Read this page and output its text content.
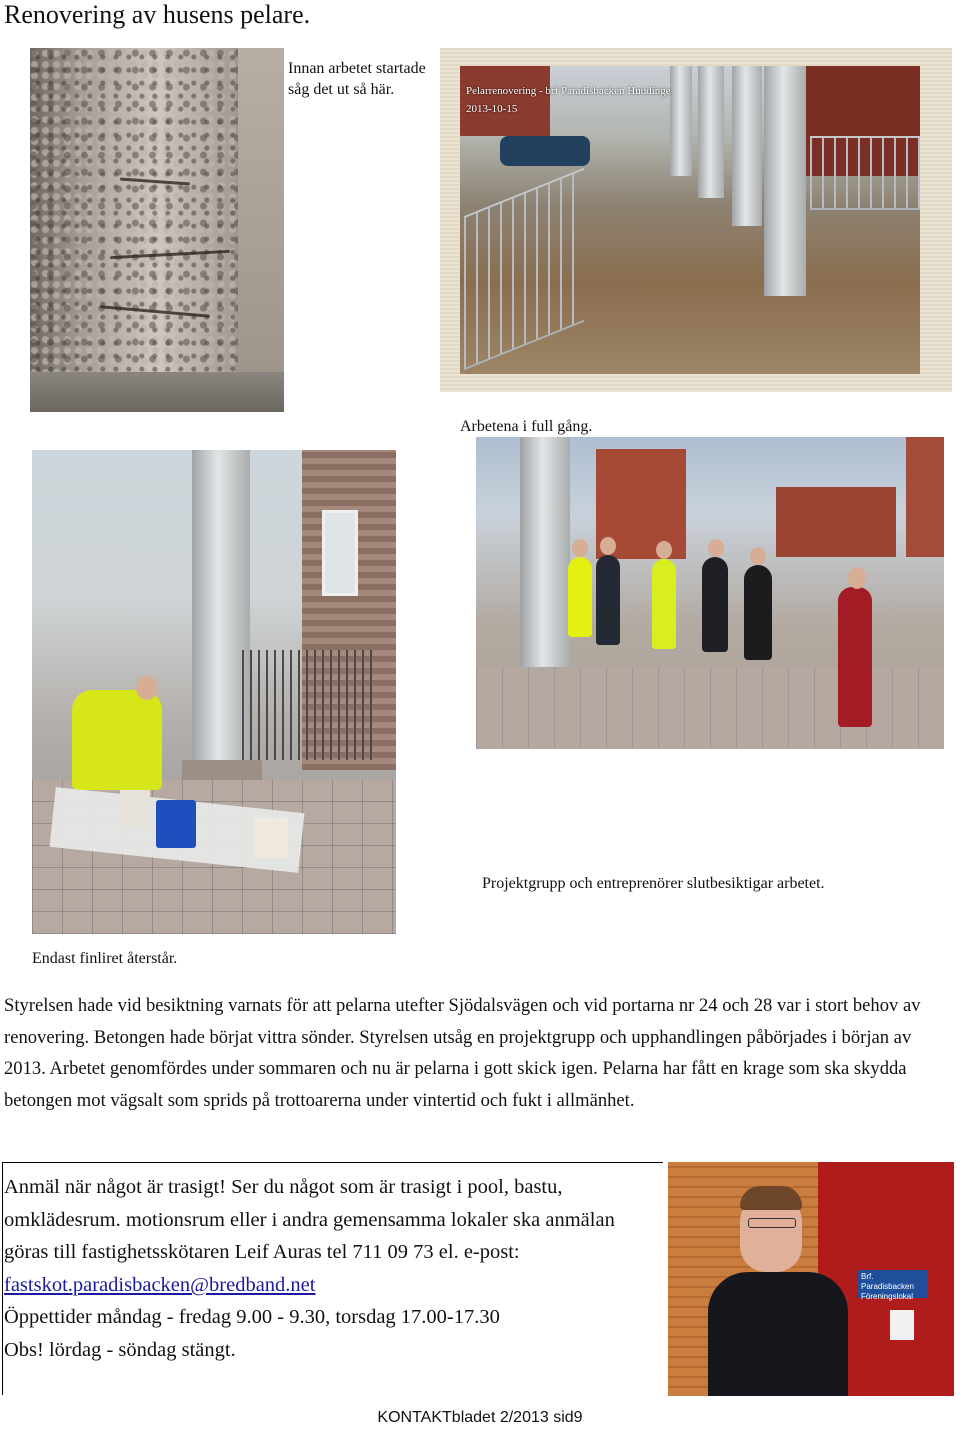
Renovering av husens pelare.
Innan arbetet startade såg det ut så här.	Pelarrenovering - brf Paradisbacken Huddinge
2013-10-15
Arbetena i full gång.
Projektgrupp och entreprenörer slutbesiktigar arbetet.
Endast finliret återstår.
Styrelsen hade vid besiktning varnats för att pelarna utefter Sjödalsvägen och vid portarna nr 24 och 28 var i stort behov av renovering. Betongen hade börjat vittra sönder. Styrelsen utsåg en projektgrupp och upphandlingen påbörjades i början av 2013. Arbetet genomfördes under sommaren och nu är pelarna i gott skick igen. Pelarna har fått en krage som ska skydda betongen mot vägsalt som sprids på trottoarerna under vintertid och fukt i allmänhet.
Anmäl när något är trasigt! Ser du något som är trasigt i pool, bastu, omklädesrum. motionsrum eller i andra gemensamma lokaler ska anmälan göras till fastighetsskötaren Leif Auras tel 711 09 73 el. e-post: fastskot.paradisbacken@bredband.net
Öppettider måndag - fredag 9.00 - 9.30, torsdag 17.00-17.30
Obs! lördag - söndag stängt.
Brf. Paradisbacken
Föreningslokal
KONTAKTbladet 2/2013 sid9
